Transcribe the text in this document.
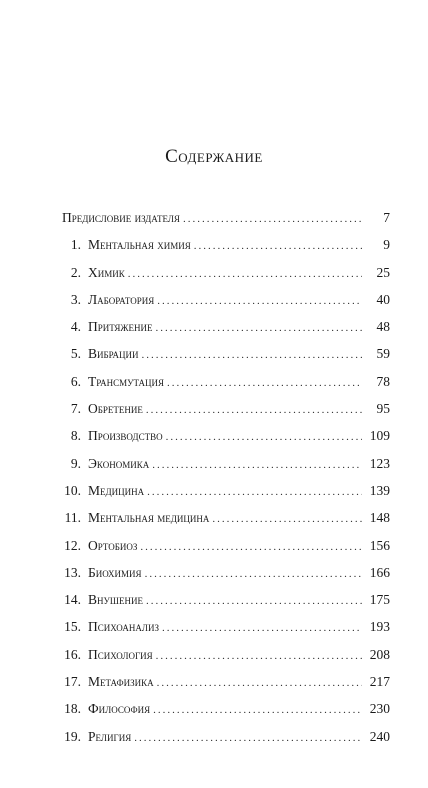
Содержание
Предисловие издателя .....	7
1. Ментальная химия .....	9
2. Химик .....	25
3. Лаборатория .....	40
4. Притяжение .....	48
5. Вибрации .....	59
6. Трансмутация .....	78
7. Обретение .....	95
8. Производство .....	109
9. Экономика .....	123
10. Медицина .....	139
11. Ментальная медицина .....	148
12. Ортобиоз .....	156
13. Биохимия .....	166
14. Внушение .....	175
15. Психоанализ .....	193
16. Психология .....	208
17. Метафизика .....	217
18. Философия .....	230
19. Религия .....	240
